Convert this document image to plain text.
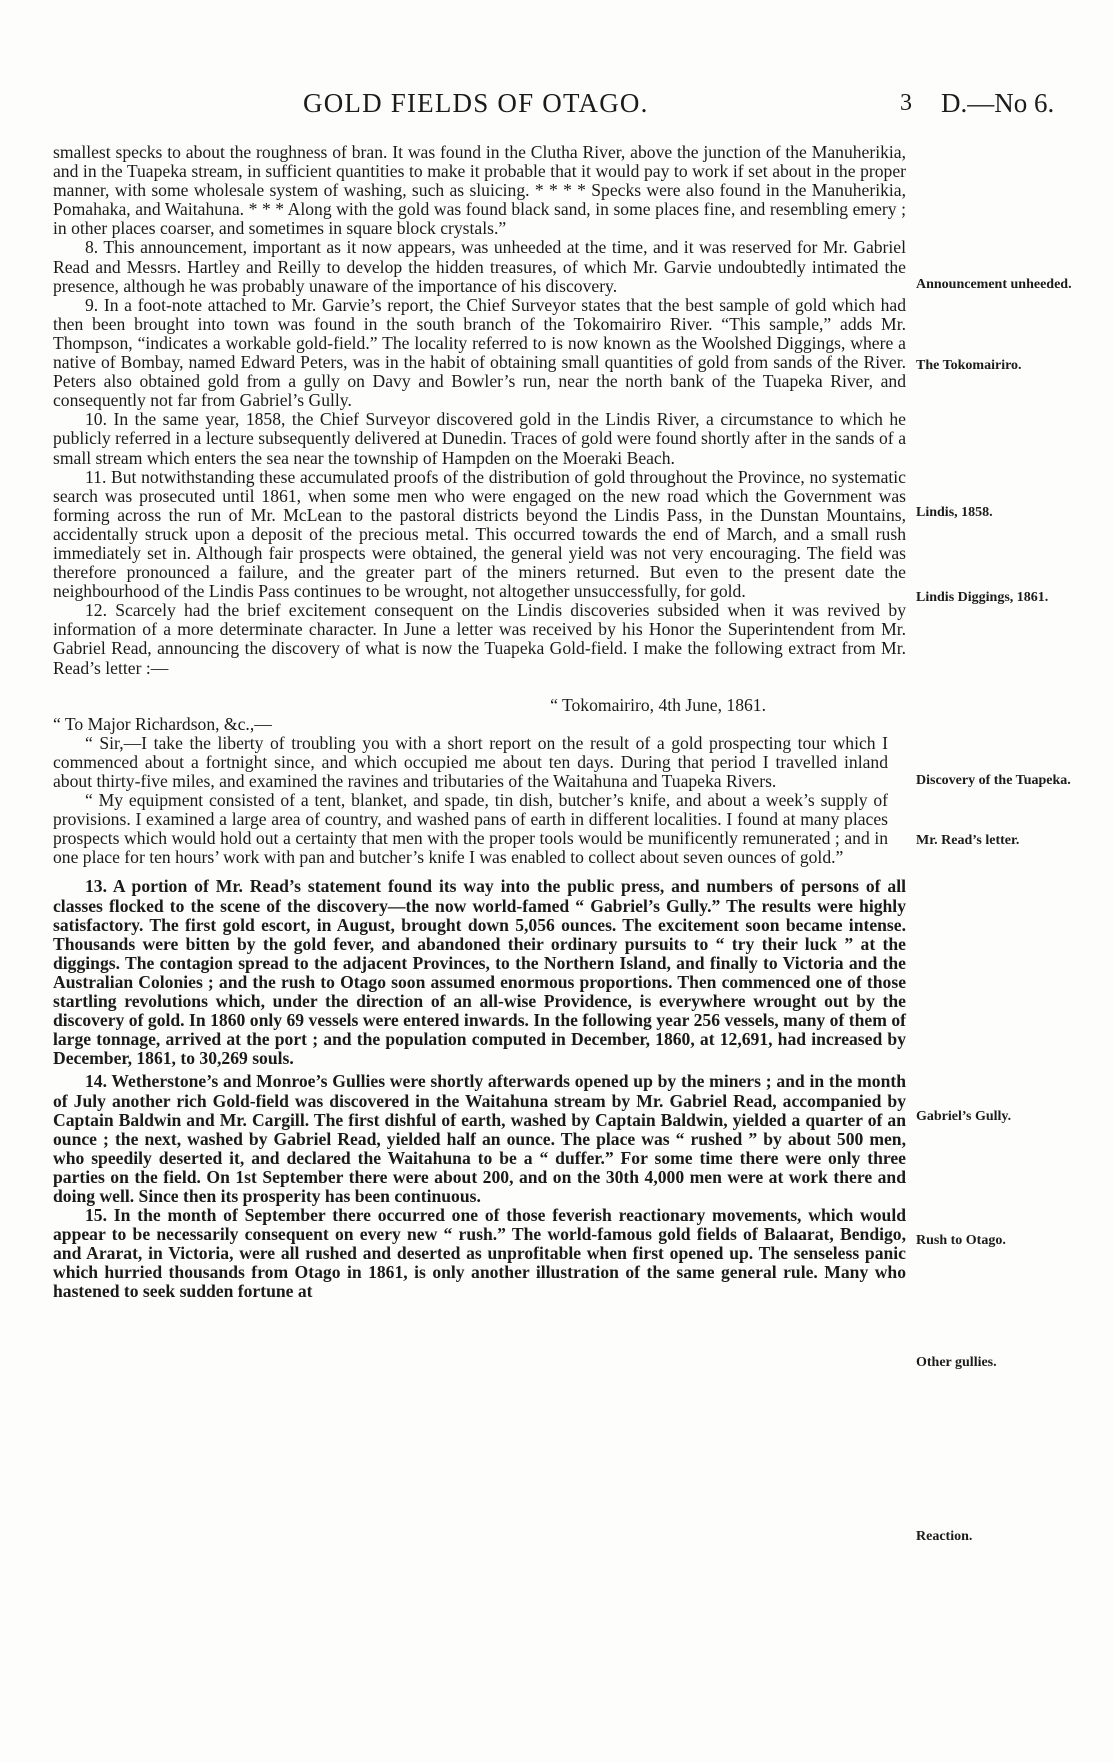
GOLD FIELDS OF OTAGO.	3 D.—No 6.

smallest specks to about the roughness of bran. It was found in the Clutha River, above the junction of the Manuherikia, and in the Tuapeka stream, in sufficient quantities to make it probable that it would pay to work if set about in the proper manner, with some wholesale system of washing, such as sluicing. * * * * Specks were also found in the Manuherikia, Pomahaka, and Waitahuna. * * * Along with the gold was found black sand, in some places fine, and resembling emery ; in other places coarser, and sometimes in square block crystals.”

8. This announcement, important as it now appears, was unheeded at the time, and it was reserved for Mr. Gabriel Read and Messrs. Hartley and Reilly to develop the hidden treasures, of which Mr. Garvie undoubtedly intimated the presence, although he was probably unaware of the importance of his discovery.

9. In a foot-note attached to Mr. Garvie’s report, the Chief Surveyor states that the best sample of gold which had then been brought into town was found in the south branch of the Tokomairiro River. “This sample,” adds Mr. Thompson, “indicates a workable gold-field.” The locality referred to is now known as the Woolshed Diggings, where a native of Bombay, named Edward Peters, was in the habit of obtaining small quantities of gold from sands of the River. Peters also obtained gold from a gully on Davy and Bowler’s run, near the north bank of the Tuapeka River, and consequently not far from Gabriel’s Gully.

10. In the same year, 1858, the Chief Surveyor discovered gold in the Lindis River, a circumstance to which he publicly referred in a lecture subsequently delivered at Dunedin. Traces of gold were found shortly after in the sands of a small stream which enters the sea near the township of Hampden on the Moeraki Beach.

11. But notwithstanding these accumulated proofs of the distribution of gold throughout the Province, no systematic search was prosecuted until 1861, when some men who were engaged on the new road which the Government was forming across the run of Mr. McLean to the pastoral districts beyond the Lindis Pass, in the Dunstan Mountains, accidentally struck upon a deposit of the precious metal. This occurred towards the end of March, and a small rush immediately set in. Although fair prospects were obtained, the general yield was not very encouraging. The field was therefore pronounced a failure, and the greater part of the miners returned. But even to the present date the neighbourhood of the Lindis Pass continues to be wrought, not altogether unsuccessfully, for gold.

12. Scarcely had the brief excitement consequent on the Lindis discoveries subsided when it was revived by information of a more determinate character. In June a letter was received by his Honor the Superintendent from Mr. Gabriel Read, announcing the discovery of what is now the Tuapeka Gold-field. I make the following extract from Mr. Read’s letter :—

“ Tokomairiro, 4th June, 1861.

“ To Major Richardson, &c.,—

“ Sir,—I take the liberty of troubling you with a short report on the result of a gold prospecting tour which I commenced about a fortnight since, and which occupied me about ten days. During that period I travelled inland about thirty-five miles, and examined the ravines and tributaries of the Waitahuna and Tuapeka Rivers.

“ My equipment consisted of a tent, blanket, and spade, tin dish, butcher’s knife, and about a week’s supply of provisions. I examined a large area of country, and washed pans of earth in different localities. I found at many places prospects which would hold out a certainty that men with the proper tools would be munificently remunerated ; and in one place for ten hours’ work with pan and butcher’s knife I was enabled to collect about seven ounces of gold.”

13. A portion of Mr. Read’s statement found its way into the public press, and numbers of persons of all classes flocked to the scene of the discovery—the now world-famed “ Gabriel’s Gully.” The results were highly satisfactory. The first gold escort, in August, brought down 5,056 ounces. The excitement soon became intense. Thousands were bitten by the gold fever, and abandoned their ordinary pursuits to “ try their luck ” at the diggings. The contagion spread to the adjacent Provinces, to the Northern Island, and finally to Victoria and the Australian Colonies ; and the rush to Otago soon assumed enormous proportions. Then commenced one of those startling revolutions which, under the direction of an all-wise Providence, is everywhere wrought out by the discovery of gold. In 1860 only 69 vessels were entered inwards. In the following year 256 vessels, many of them of large tonnage, arrived at the port ; and the population computed in December, 1860, at 12,691, had increased by December, 1861, to 30,269 souls.

14. Wetherstone’s and Monroe’s Gullies were shortly afterwards opened up by the miners ; and in the month of July another rich Gold-field was discovered in the Waitahuna stream by Mr. Gabriel Read, accompanied by Captain Baldwin and Mr. Cargill. The first dishful of earth, washed by Captain Baldwin, yielded a quarter of an ounce ; the next, washed by Gabriel Read, yielded half an ounce. The place was “ rushed ” by about 500 men, who speedily deserted it, and declared the Waitahuna to be a “ duffer.” For some time there were only three parties on the field. On 1st September there were about 200, and on the 30th 4,000 men were at work there and doing well. Since then its prosperity has been continuous.

15. In the month of September there occurred one of those feverish reactionary movements, which would appear to be necessarily consequent on every new “ rush.” The world-famous gold fields of Balaarat, Bendigo, and Ararat, in Victoria, were all rushed and deserted as unprofitable when first opened up. The senseless panic which hurried thousands from Otago in 1861, is only another illustration of the same general rule. Many who hastened to seek sudden fortune at

Announcement unheeded.
The Tokomairiro.
Lindis, 1858.
Lindis Diggings, 1861.
Discovery of the Tuapeka.
Mr. Read’s letter.
Gabriel’s Gully.
Rush to Otago.
Other gullies.
Reaction.
